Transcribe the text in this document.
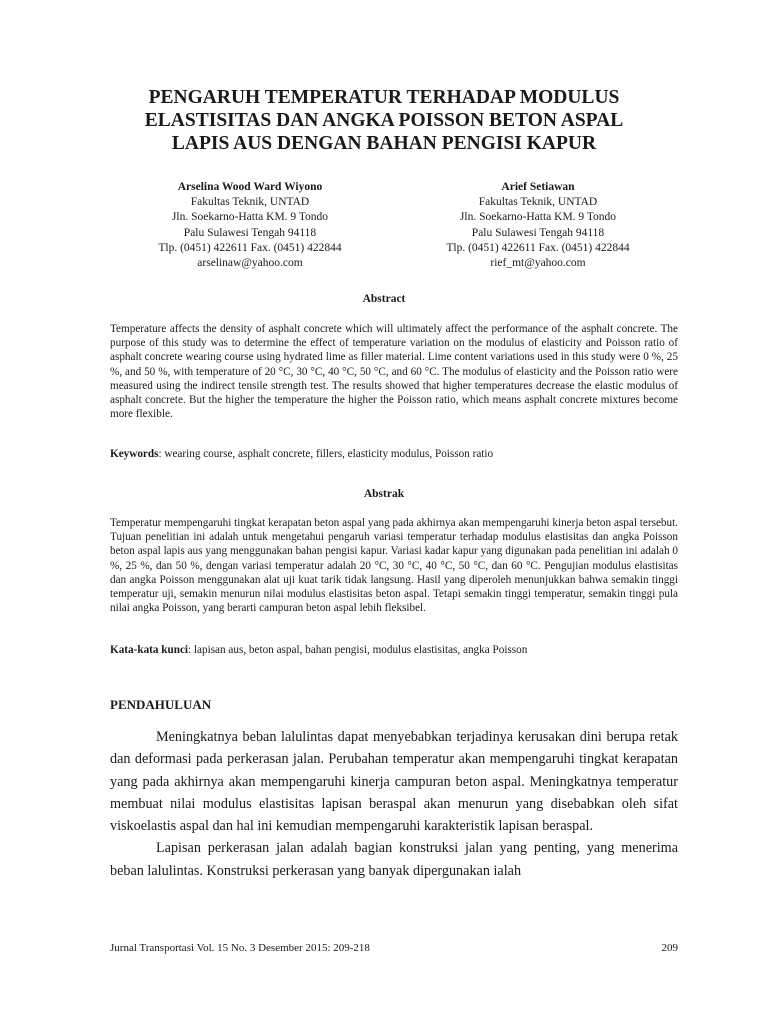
PENGARUH TEMPERATUR TERHADAP MODULUS
ELASTISITAS DAN ANGKA POISSON BETON ASPAL
LAPIS AUS DENGAN BAHAN PENGISI KAPUR
Arselina Wood Ward Wiyono
Fakultas Teknik, UNTAD
Jln. Soekarno-Hatta KM. 9 Tondo
Palu Sulawesi Tengah 94118
Tlp. (0451) 422611 Fax. (0451) 422844
arselinaw@yahoo.com
Arief Setiawan
Fakultas Teknik, UNTAD
Jln. Soekarno-Hatta KM. 9 Tondo
Palu Sulawesi Tengah 94118
Tlp. (0451) 422611 Fax. (0451) 422844
rief_mt@yahoo.com
Abstract
Temperature affects the density of asphalt concrete which will ultimately affect the performance of the asphalt concrete. The purpose of this study was to determine the effect of temperature variation on the modulus of elasticity and Poisson ratio of asphalt concrete wearing course using hydrated lime as filler material. Lime content variations used in this study were 0 %, 25 %, and 50 %, with temperature of 20 °C, 30 °C, 40 °C, 50 °C, and 60 °C. The modulus of elasticity and the Poisson ratio were measured using the indirect tensile strength test. The results showed that higher temperatures decrease the elastic modulus of asphalt concrete. But the higher the temperature the higher the Poisson ratio, which means asphalt concrete mixtures become more flexible.
Keywords: wearing course, asphalt concrete, fillers, elasticity modulus, Poisson ratio
Abstrak
Temperatur mempengaruhi tingkat kerapatan beton aspal yang pada akhirnya akan mempengaruhi kinerja beton aspal tersebut. Tujuan penelitian ini adalah untuk mengetahui pengaruh variasi temperatur terhadap modulus elastisitas dan angka Poisson beton aspal lapis aus yang menggunakan bahan pengisi kapur. Variasi kadar kapur yang digunakan pada penelitian ini adalah 0 %, 25 %, dan 50 %, dengan variasi temperatur adalah 20 °C, 30 °C, 40 °C, 50 °C, dan 60 °C. Pengujian modulus elastisitas dan angka Poisson menggunakan alat uji kuat tarik tidak langsung. Hasil yang diperoleh menunjukkan bahwa semakin tinggi temperatur uji, semakin menurun nilai modulus elastisitas beton aspal. Tetapi semakin tinggi temperatur, semakin tinggi pula nilai angka Poisson, yang berarti campuran beton aspal lebih fleksibel.
Kata-kata kunci: lapisan aus, beton aspal, bahan pengisi, modulus elastisitas, angka Poisson
PENDAHULUAN

Meningkatnya beban lalulintas dapat menyebabkan terjadinya kerusakan dini berupa retak dan deformasi pada perkerasan jalan. Perubahan temperatur akan mempengaruhi tingkat kerapatan yang pada akhirnya akan mempengaruhi kinerja campuran beton aspal. Meningkatnya temperatur membuat nilai modulus elastisitas lapisan beraspal akan menurun yang disebabkan oleh sifat viskoelastis aspal dan hal ini kemudian mempengaruhi karakteristik lapisan beraspal.

Lapisan perkerasan jalan adalah bagian konstruksi jalan yang penting, yang menerima beban lalulintas. Konstruksi perkerasan yang banyak dipergunakan ialah

Jurnal Transportasi Vol. 15 No. 3 Desember 2015: 209-218	209
